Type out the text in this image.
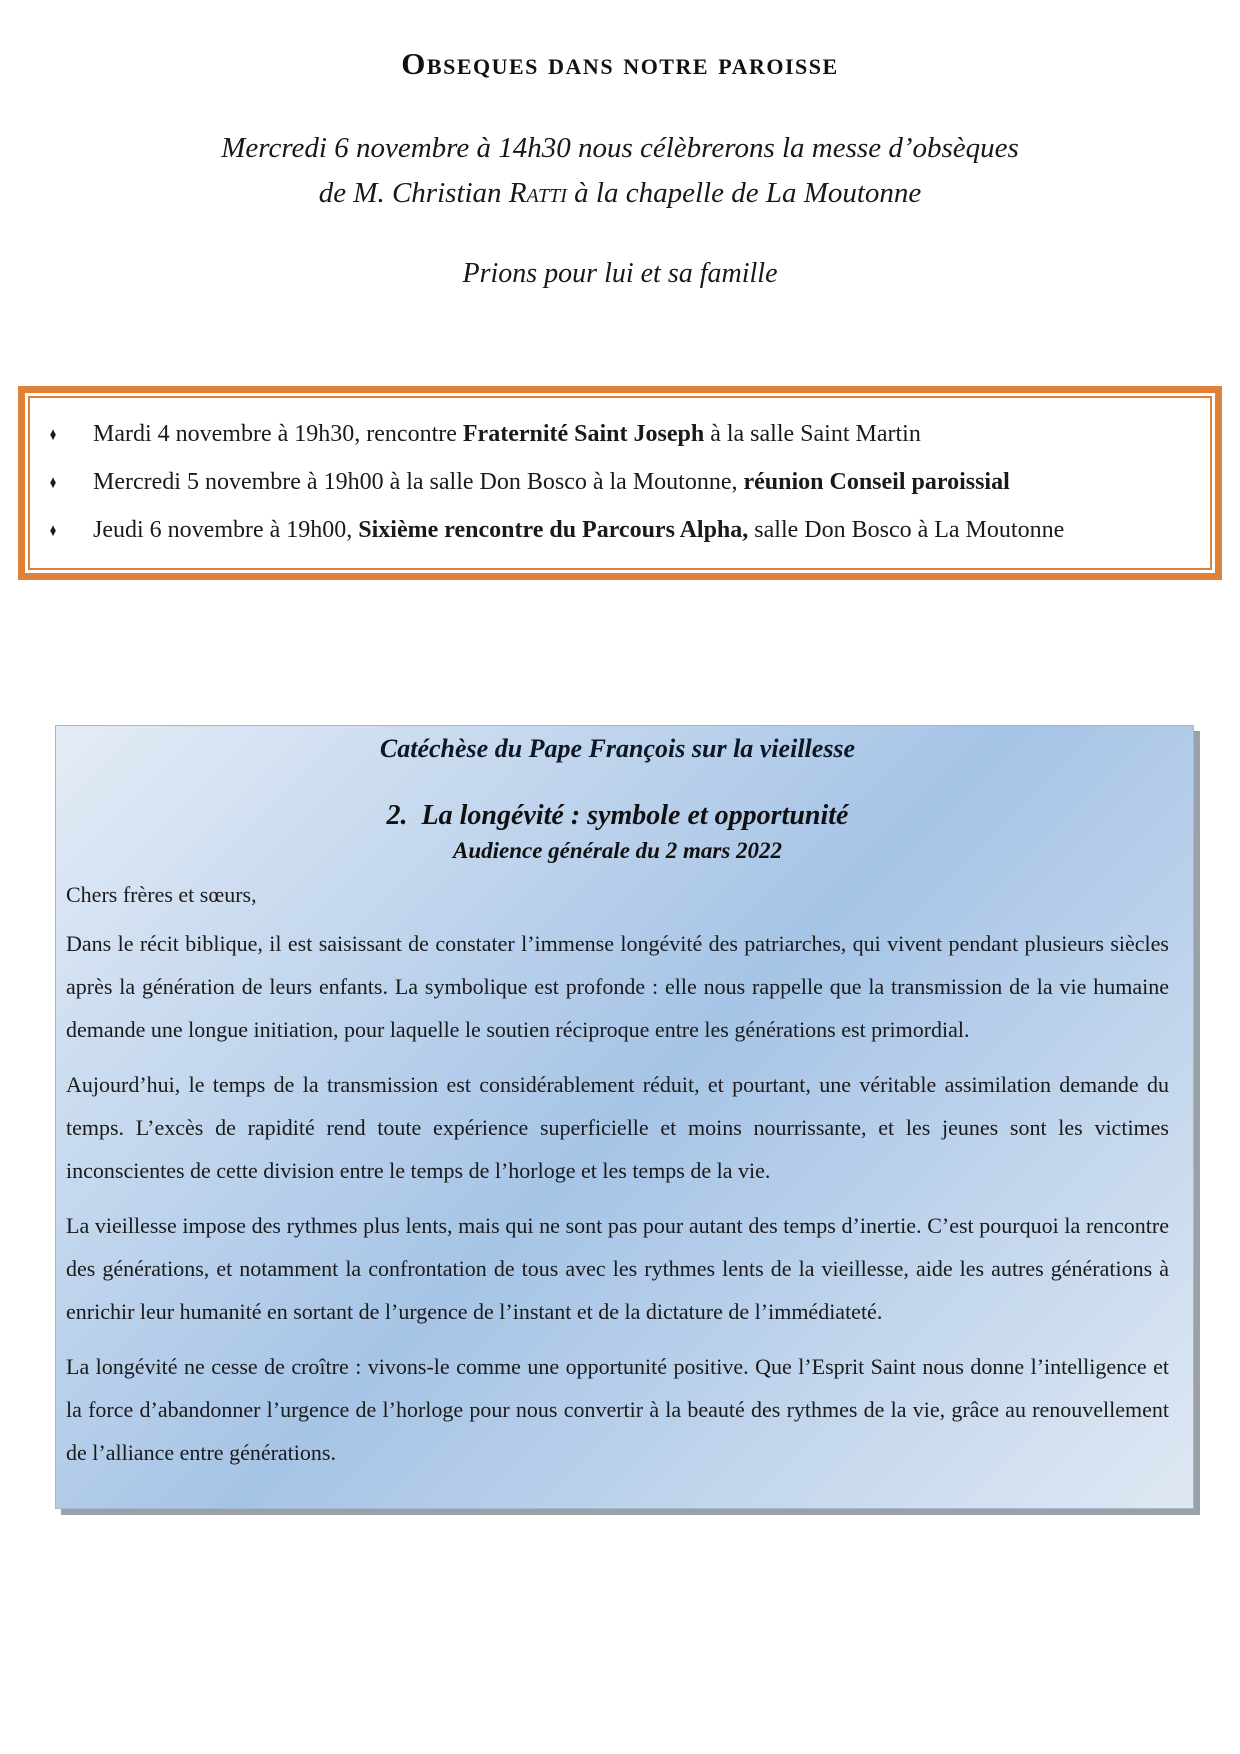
Obseques dans notre paroisse
Mercredi 6 novembre à 14h30 nous célèbrerons la messe d’obsèques
de M. Christian Ratti à la chapelle de La Moutonne
Prions pour lui et sa famille
♦	Mardi 4 novembre à 19h30, rencontre Fraternité Saint Joseph à la salle Saint Martin
♦	Mercredi 5 novembre à 19h00 à la salle Don Bosco à la Moutonne, réunion Conseil paroissial
♦	Jeudi 6 novembre à 19h00, Sixième rencontre du Parcours Alpha, salle Don Bosco à La Moutonne
Catéchèse du Pape François sur la vieillesse
2. La longévité : symbole et opportunité
Audience générale du 2 mars 2022
Chers frères et sœurs,
Dans le récit biblique, il est saisissant de constater l’immense longévité des patriarches, qui vivent pendant plusieurs siècles après la génération de leurs enfants. La symbolique est profonde : elle nous rappelle que la transmission de la vie humaine demande une longue initiation, pour laquelle le soutien réciproque entre les générations est primordial.
Aujourd’hui, le temps de la transmission est considérablement réduit, et pourtant, une véritable assimilation demande du temps. L’excès de rapidité rend toute expérience superficielle et moins nourrissante, et les jeunes sont les victimes inconscientes de cette division entre le temps de l’horloge et les temps de la vie.
La vieillesse impose des rythmes plus lents, mais qui ne sont pas pour autant des temps d’inertie. C’est pourquoi la rencontre des générations, et notamment la confrontation de tous avec les rythmes lents de la vieillesse, aide les autres générations à enrichir leur humanité en sortant de l’urgence de l’instant et de la dictature de l’immédiateté.
La longévité ne cesse de croître : vivons-le comme une opportunité positive. Que l’Esprit Saint nous donne l’intelligence et la force d’abandonner l’urgence de l’horloge pour nous convertir à la beauté des rythmes de la vie, grâce au renouvellement de l’alliance entre générations.
